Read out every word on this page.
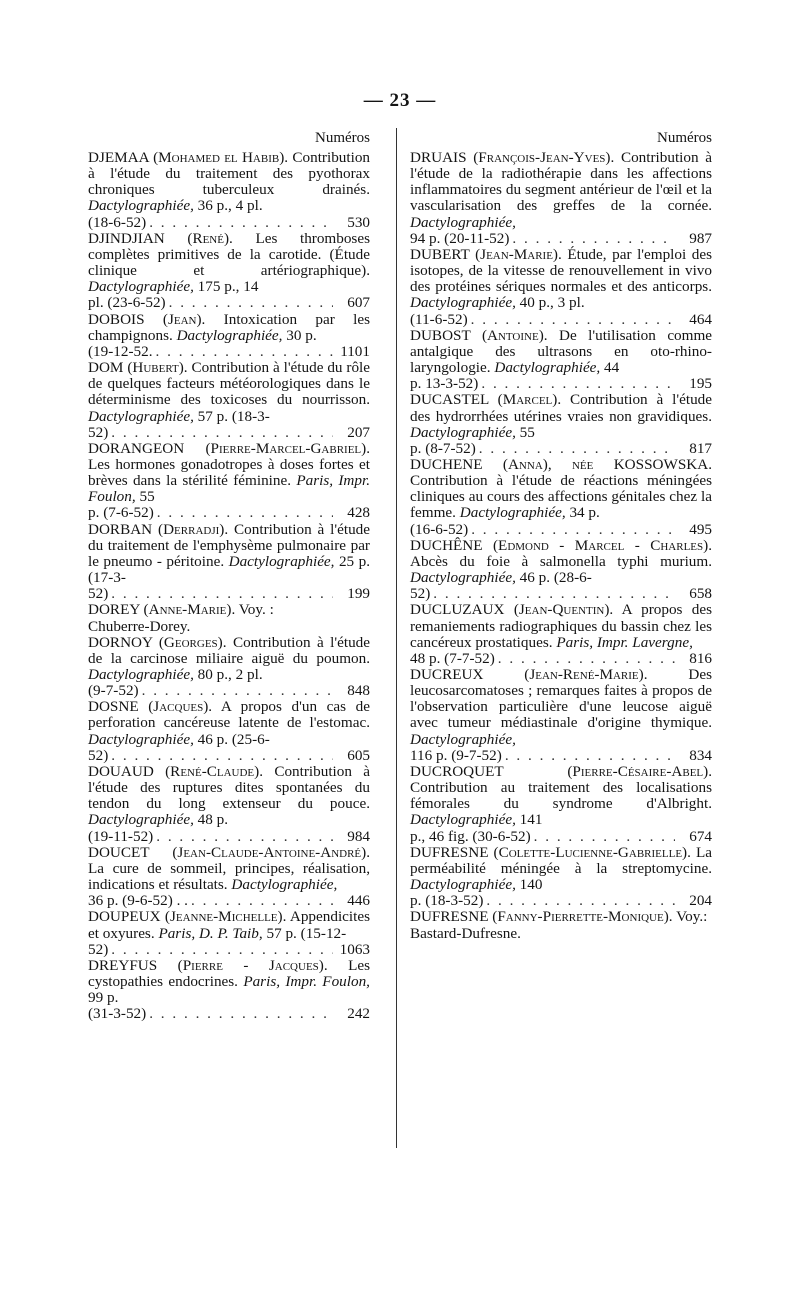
— 23 —
Numéros

DJEMAA (Mohamed el Habib). Contribution à l'étude du traitement des pyothorax chroniques tuberculeux drainés. Dactylographiée, 36 p., 4 pl.

(18-6-52) . . .	530

DJINDJIAN (René). Les thromboses complètes primitives de la carotide. (Étude clinique et artériographique). Dactylographiée, 175 p., 14

pl. (23-6-52) . . .	607

DOBOIS (Jean). Intoxication par les champignons. Dactylographiée, 30 p.

(19-12-52. . . .	1101

DOM (Hubert). Contribution à l'étude du rôle de quelques facteurs météorologiques dans le déterminisme des toxicoses du nourrisson. Dactylographiée, 57 p. (18-3-

52) . . .	207

DORANGEON (Pierre-Marcel-Gabriel). Les hormones gonadotropes à doses fortes et brèves dans la stérilité féminine. Paris, Impr. Foulon, 55

p. (7-6-52) . . .	428

DORBAN (Derradji). Contribution à l'étude du traitement de l'emphysème pulmonaire par le pneumo - péritoine. Dactylographiée, 25 p. (17-3-

52) . . .	199

DOREY (Anne-Marie). Voy. :

Chuberre-Dorey.

DORNOY (Georges). Contribution à l'étude de la carcinose miliaire aiguë du poumon. Dactylographiée, 80 p., 2 pl.

(9-7-52) . . .	848

DOSNE (Jacques). A propos d'un cas de perforation cancéreuse latente de l'estomac. Dactylographiée, 46 p. (25-6-

52) . . .	605

DOUAUD (René-Claude). Contribution à l'étude des ruptures dites spontanées du tendon du long extenseur du pouce. Dactylographiée, 48 p.

(19-11-52) . . .	984

DOUCET (Jean-Claude-Antoine-André). La cure de sommeil, principes, réalisation, indications et résultats. Dactylographiée,

36 p. (9-6-52) . . . . .	446

DOUPEUX (Jeanne-Michelle). Appendicites et oxyures. Paris, D. P. Taib, 57 p. (15-12-

52) . . .	1063

DREYFUS (Pierre - Jacques). Les cystopathies endocrines. Paris, Impr. Foulon, 99 p.

(31-3-52) . . .	242
Numéros

DRUAIS (François-Jean-Yves). Contribution à l'étude de la radiothérapie dans les affections inflammatoires du segment antérieur de l'œil et la vascularisation des greffes de la cornée. Dactylographiée,

94 p. (20-11-52) . . .	987

DUBERT (Jean-Marie). Étude, par l'emploi des isotopes, de la vitesse de renouvellement in vivo des protéines sériques normales et des anticorps. Dactylographiée, 40 p., 3 pl.

(11-6-52) . . .	464

DUBOST (Antoine). De l'utilisation comme antalgique des ultrasons en oto-rhino-laryngologie. Dactylographiée, 44

p. 13-3-52) . . .	195

DUCASTEL (Marcel). Contribution à l'étude des hydrorrhées utérines vraies non gravidiques. Dactylographiée, 55

p. (8-7-52) . . .	817

DUCHENE (Anna), née KOSSOWSKA. Contribution à l'étude de réactions méningées cliniques au cours des affections génitales chez la femme. Dactylographiée, 34 p.

(16-6-52) . . .	495

DUCHÊNE (Edmond - Marcel - Charles). Abcès du foie à salmonella typhi murium. Dactylographiée, 46 p. (28-6-

52) . . .	658

DUCLUZAUX (Jean-Quentin). A propos des remaniements radiographiques du bassin chez les cancéreux prostatiques. Paris, Impr. Lavergne,

48 p. (7-7-52) . . .	816

DUCREUX	(Jean-René-Marie).	Des leucosarcomatoses ; remarques faites à propos de l'observation particulière d'une leucose aiguë avec tumeur médiastinale d'origine thymique. Dactylographiée,

116 p. (9-7-52) . . .	834

DUCROQUET	(Pierre-Césaire-Abel). Contribution au traitement des localisations fémorales du syndrome d'Albright. Dactylographiée, 141

p., 46 fig. (30-6-52) . . .	674

DUFRESNE (Colette-Lucienne-Gabrielle). La perméabilité méningée à la streptomycine. Dactylographiée, 140

p. (18-3-52) . . .	204

DUFRESNE (Fanny-Pierrette-Monique). Voy.:

Bastard-Dufresne.
